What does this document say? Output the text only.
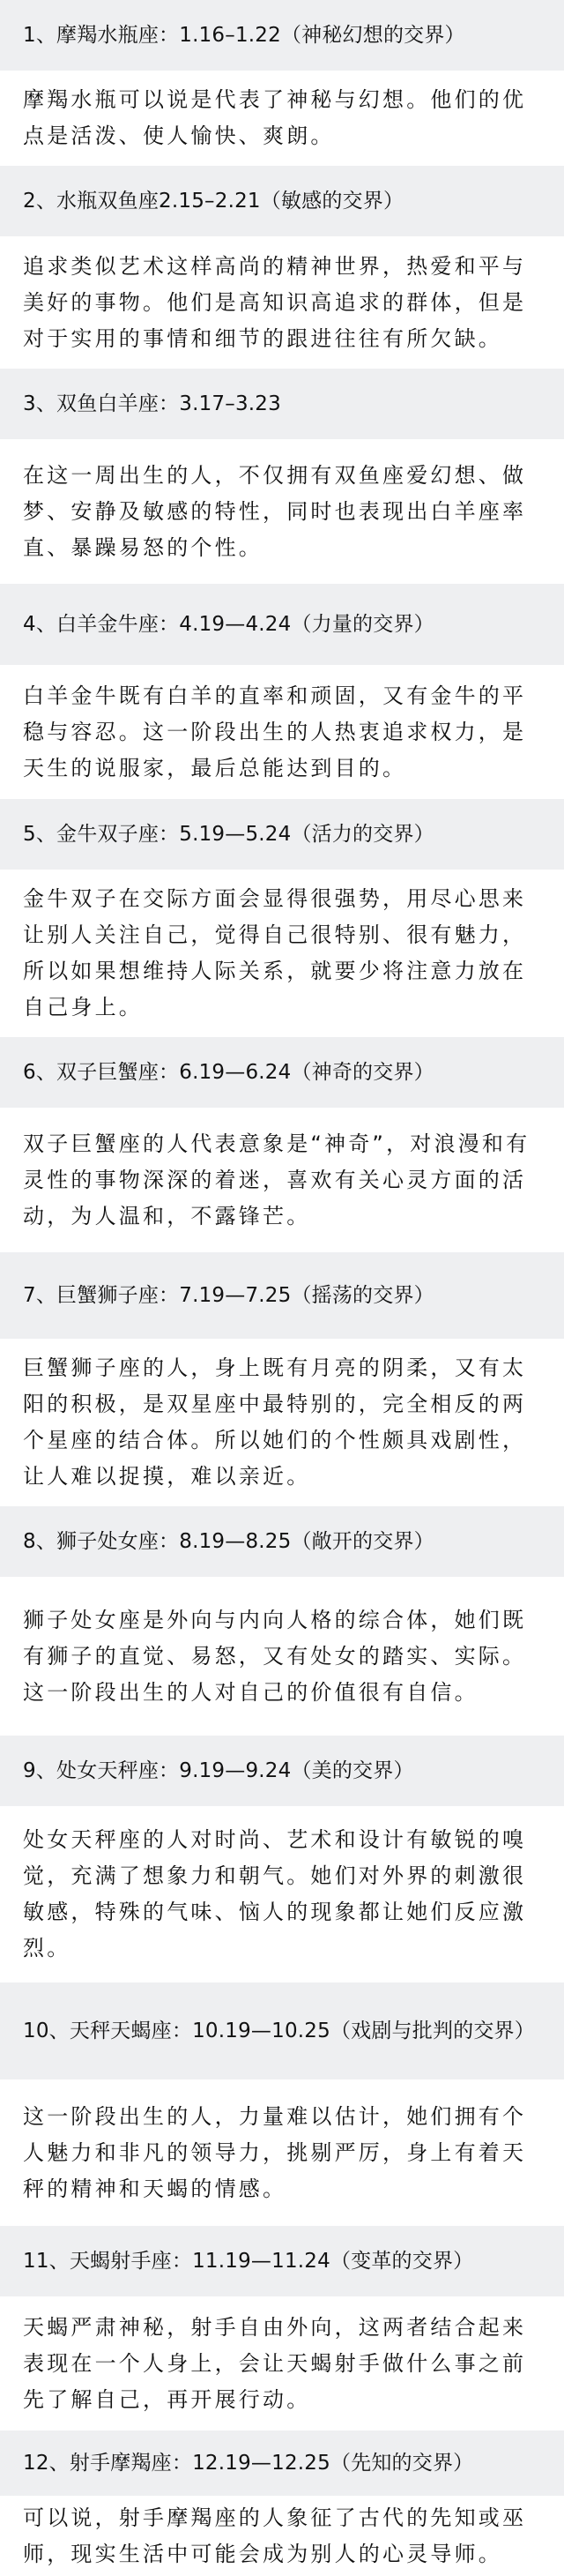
1、摩羯水瓶座：1.16–1.22（神秘幻想的交界）
摩羯水瓶可以说是代表了神秘与幻想。他们的优点是活泼、使人愉快、爽朗。
2、水瓶双鱼座2.15–2.21（敏感的交界）
追求类似艺术这样高尚的精神世界，热爱和平与美好的事物。他们是高知识高追求的群体，但是对于实用的事情和细节的跟进往往有所欠缺。
3、双鱼白羊座：3.17–3.23
在这一周出生的人，不仅拥有双鱼座爱幻想、做梦、安静及敏感的特性，同时也表现出白羊座率直、暴躁易怒的个性。
4、白羊金牛座：4.19—4.24（力量的交界）
白羊金牛既有白羊的直率和顽固，又有金牛的平稳与容忍。这一阶段出生的人热衷追求权力，是天生的说服家，最后总能达到目的。
5、金牛双子座：5.19—5.24（活力的交界）
金牛双子在交际方面会显得很强势，用尽心思来让别人关注自己，觉得自己很特别、很有魅力，所以如果想维持人际关系，就要少将注意力放在自己身上。
6、双子巨蟹座：6.19—6.24（神奇的交界）
双子巨蟹座的人代表意象是“神奇”，对浪漫和有灵性的事物深深的着迷，喜欢有关心灵方面的活动，为人温和，不露锋芒。
7、巨蟹狮子座：7.19—7.25（摇荡的交界）
巨蟹狮子座的人，身上既有月亮的阴柔，又有太阳的积极，是双星座中最特别的，完全相反的两个星座的结合体。所以她们的个性颇具戏剧性，让人难以捉摸，难以亲近。
8、狮子处女座：8.19—8.25（敞开的交界）
狮子处女座是外向与内向人格的综合体，她们既有狮子的直觉、易怒，又有处女的踏实、实际。这一阶段出生的人对自己的价值很有自信。
9、处女天秤座：9.19—9.24（美的交界）
处女天秤座的人对时尚、艺术和设计有敏锐的嗅觉，充满了想象力和朝气。她们对外界的刺激很敏感，特殊的气味、恼人的现象都让她们反应激烈。
10、天秤天蝎座：10.19—10.25（戏剧与批判的交界）
这一阶段出生的人，力量难以估计，她们拥有个人魅力和非凡的领导力，挑剔严厉，身上有着天秤的精神和天蝎的情感。
11、天蝎射手座：11.19—11.24（变革的交界）
天蝎严肃神秘，射手自由外向，这两者结合起来表现在一个人身上，会让天蝎射手做什么事之前先了解自己，再开展行动。
12、射手摩羯座：12.19—12.25（先知的交界）
可以说，射手摩羯座的人象征了古代的先知或巫师，现实生活中可能会成为别人的心灵导师。
